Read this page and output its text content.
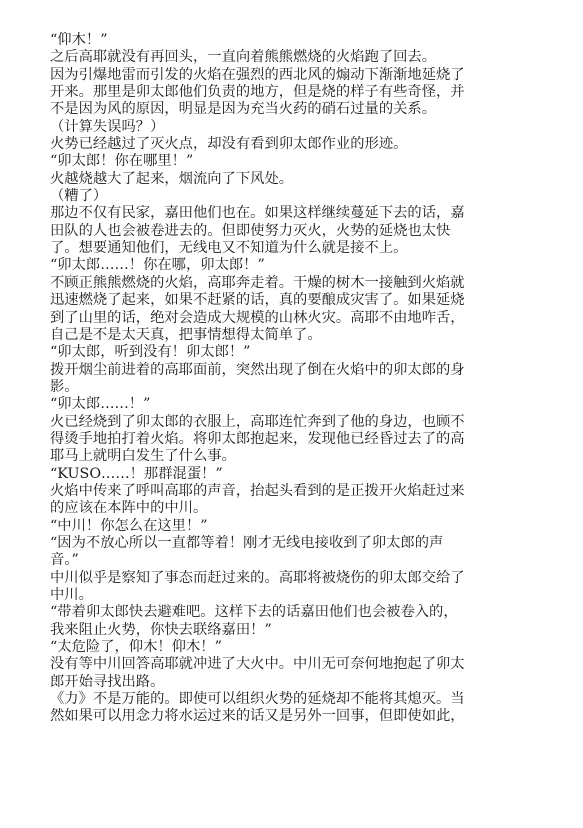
“仰木！”
之后高耶就没有再回头，一直向着熊熊燃烧的火焰跑了回去。
因为引爆地雷而引发的火焰在强烈的西北风的煽动下渐渐地延烧了
开来。那里是卯太郎他们负责的地方，但是烧的样子有些奇怪，并
不是因为风的原因，明显是因为充当火药的硝石过量的关系。
（计算失误吗？）
火势已经越过了灭火点，却没有看到卯太郎作业的形迹。
“卯太郎！你在哪里！”
火越烧越大了起来，烟流向了下风处。
（糟了）
那边不仅有民家，嘉田他们也在。如果这样继续蔓延下去的话，嘉
田队的人也会被卷进去的。但即使努力灭火，火势的延烧也太快
了。想要通知他们，无线电又不知道为什么就是接不上。
“卯太郎……！你在哪，卯太郎！”
不顾正熊熊燃烧的火焰，高耶奔走着。干燥的树木一接触到火焰就
迅速燃烧了起来，如果不赶紧的话，真的要酿成灾害了。如果延烧
到了山里的话，绝对会造成大规模的山林火灾。高耶不由地咋舌，
自己是不是太天真，把事情想得太简单了。
“卯太郎，听到没有！卯太郎！”
拨开烟尘前进着的高耶面前，突然出现了倒在火焰中的卯太郎的身
影。
“卯太郎……！”
火已经烧到了卯太郎的衣服上，高耶连忙奔到了他的身边，也顾不
得烫手地拍打着火焰。将卯太郎抱起来，发现他已经昏过去了的高
耶马上就明白发生了什么事。
“KUSO……！那群混蛋！”
火焰中传来了呼叫高耶的声音，抬起头看到的是正拨开火焰赶过来
的应该在本阵中的中川。
“中川！你怎么在这里！”
“因为不放心所以一直都等着！刚才无线电接收到了卯太郎的声
音。”
中川似乎是察知了事态而赶过来的。高耶将被烧伤的卯太郎交给了
中川。
“带着卯太郎快去避难吧。这样下去的话嘉田他们也会被卷入的，
我来阻止火势，你快去联络嘉田！”
“太危险了，仰木！仰木！”
没有等中川回答高耶就冲进了大火中。中川无可奈何地抱起了卯太
郎开始寻找出路。
《力》不是万能的。即使可以组织火势的延烧却不能将其熄灭。当
然如果可以用念力将水运过来的话又是另外一回事，但即使如此，
